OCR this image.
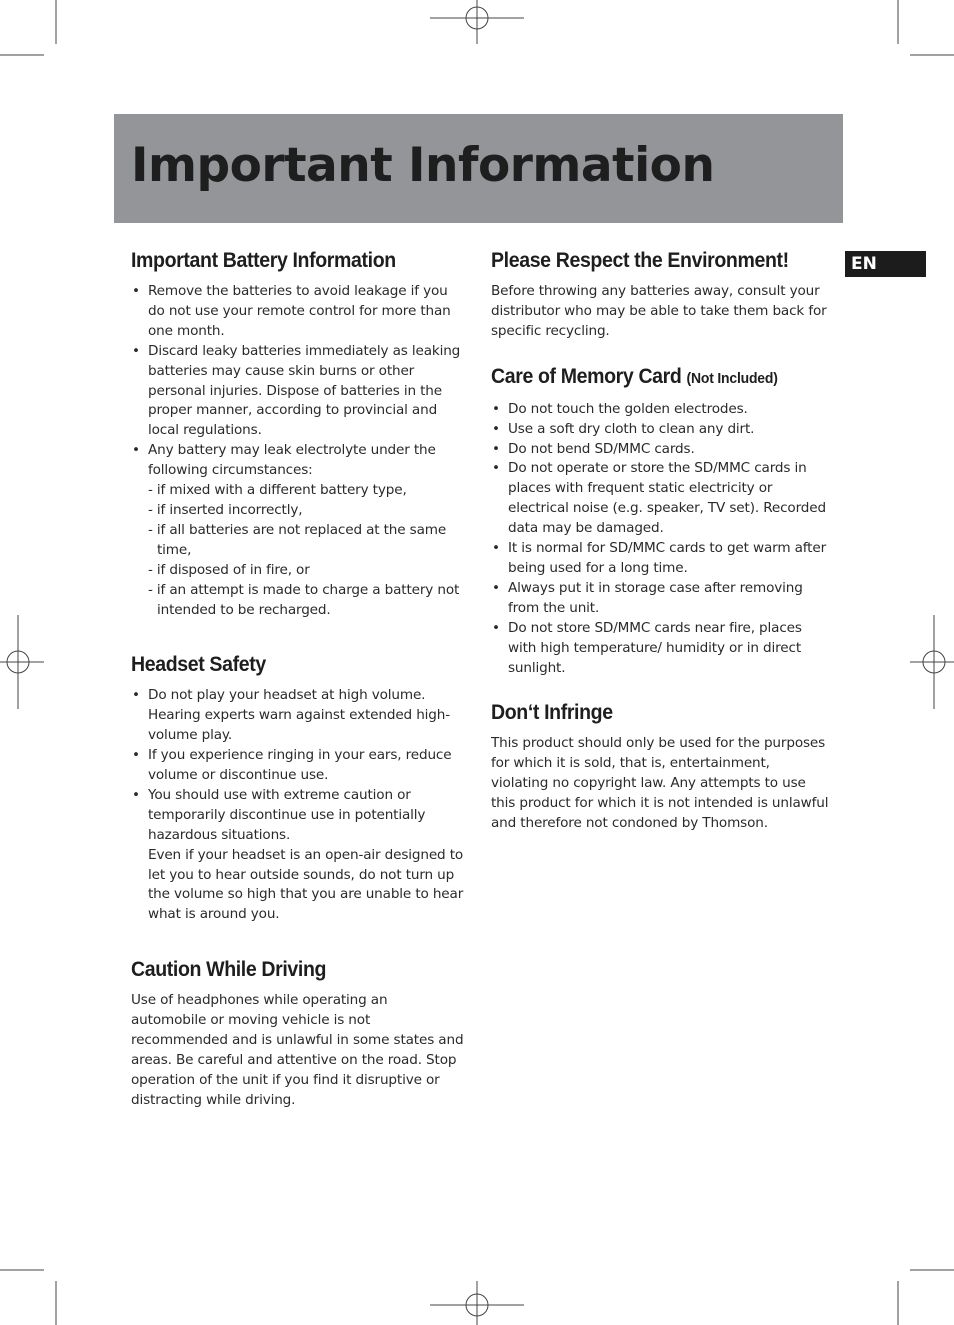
Important Information
EN
Important Battery Information
• Remove the batteries to avoid leakage if you do not use your remote control for more than one month.
• Discard leaky batteries immediately as leaking batteries may cause skin burns or other personal injuries. Dispose of batteries in the proper manner, according to provincial and local regulations.
• Any battery may leak electrolyte under the following circumstances:
- if mixed with a different battery type,
- if inserted incorrectly,
- if all batteries are not replaced at the same time,
- if disposed of in fire, or
- if an attempt is made to charge a battery not intended to be recharged.
Headset Safety
• Do not play your headset at high volume. Hearing experts warn against extended high-volume play.
• If you experience ringing in your ears, reduce volume or discontinue use.
• You should use with extreme caution or temporarily discontinue use in potentially hazardous situations.
Even if your headset is an open-air designed to let you to hear outside sounds, do not turn up the volume so high that you are unable to hear what is around you.
Caution While Driving

Use of headphones while operating an automobile or moving vehicle is not recommended and is unlawful in some states and areas. Be careful and attentive on the road. Stop operation of the unit if you find it disruptive or distracting while driving.

Please Respect the Environment!

Before throwing any batteries away, consult your distributor who may be able to take them back for specific recycling.

Care of Memory Card (Not Included)
• Do not touch the golden electrodes.
• Use a soft dry cloth to clean any dirt.
• Do not bend SD/MMC cards.
• Do not operate or store the SD/MMC cards in places with frequent static electricity or electrical noise (e.g. speaker, TV set). Recorded data may be damaged.
• It is normal for SD/MMC cards to get warm after being used for a long time.
• Always put it in storage case after removing from the unit.
• Do not store SD/MMC cards near fire, places with high temperature/ humidity or in direct sunlight.
Don‘t Infringe

This product should only be used for the purposes for which it is sold, that is, entertainment, violating no copyright law. Any attempts to use this product for which it is not intended is unlawful and therefore not condoned by Thomson.
